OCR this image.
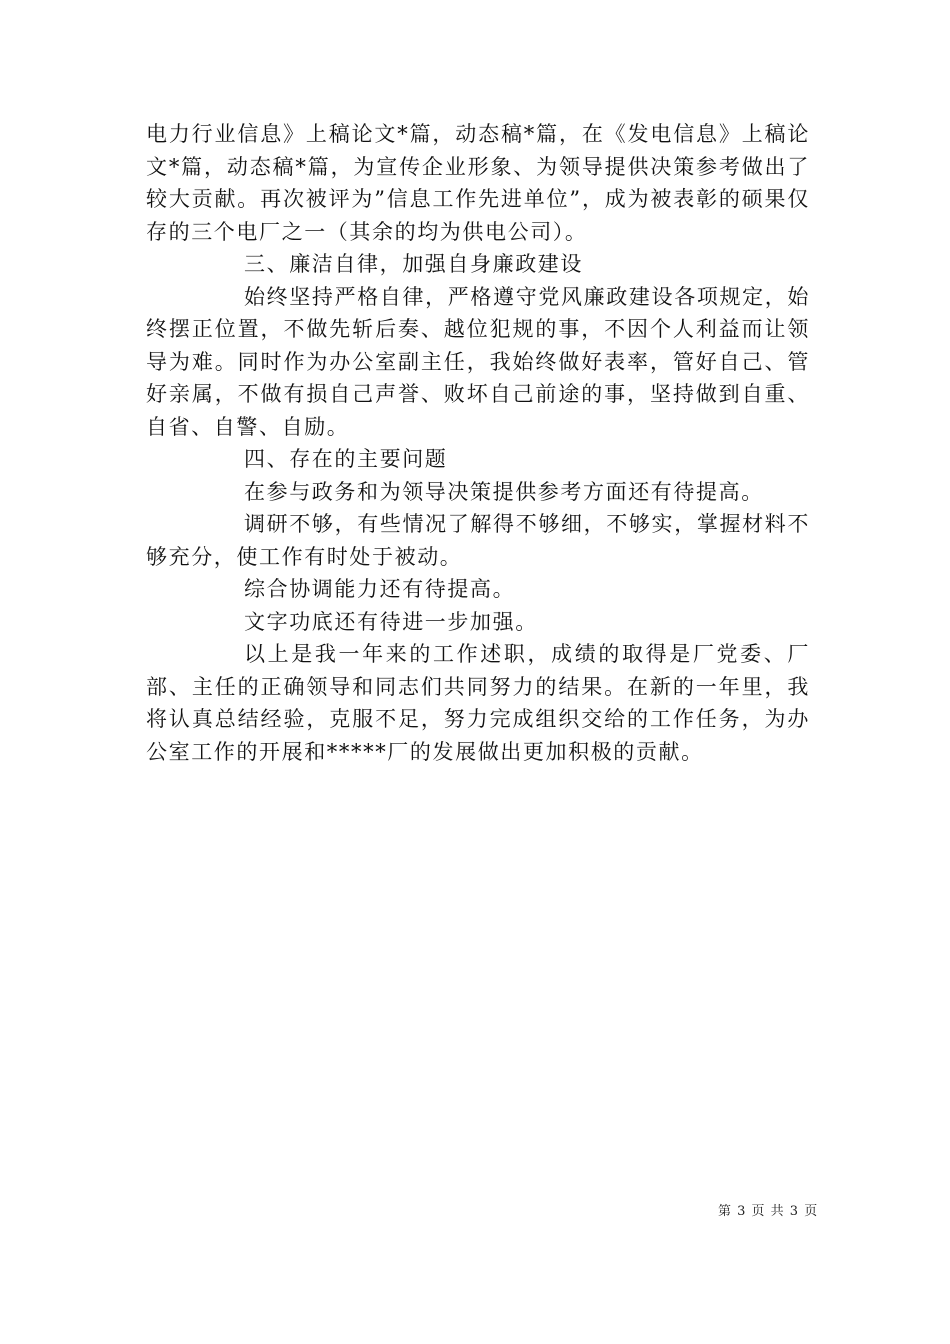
电力行业信息》上稿论文*篇，动态稿*篇，在《发电信息》上稿论文*篇，动态稿*篇，为宣传企业形象、为领导提供决策参考做出了较大贡献。再次被评为”信息工作先进单位”，成为被表彰的硕果仅存的三个电厂之一（其余的均为供电公司）。

三、廉洁自律，加强自身廉政建设

始终坚持严格自律，严格遵守党风廉政建设各项规定，始终摆正位置，不做先斩后奏、越位犯规的事，不因个人利益而让领导为难。同时作为办公室副主任，我始终做好表率，管好自己、管好亲属，不做有损自己声誉、败坏自己前途的事，坚持做到自重、自省、自警、自励。

四、存在的主要问题

在参与政务和为领导决策提供参考方面还有待提高。

调研不够，有些情况了解得不够细，不够实，掌握材料不够充分，使工作有时处于被动。

综合协调能力还有待提高。

文字功底还有待进一步加强。

以上是我一年来的工作述职，成绩的取得是厂党委、厂部、主任的正确领导和同志们共同努力的结果。在新的一年里，我将认真总结经验，克服不足，努力完成组织交给的工作任务，为办公室工作的开展和*****厂的发展做出更加积极的贡献。

第 3 页 共 3 页
